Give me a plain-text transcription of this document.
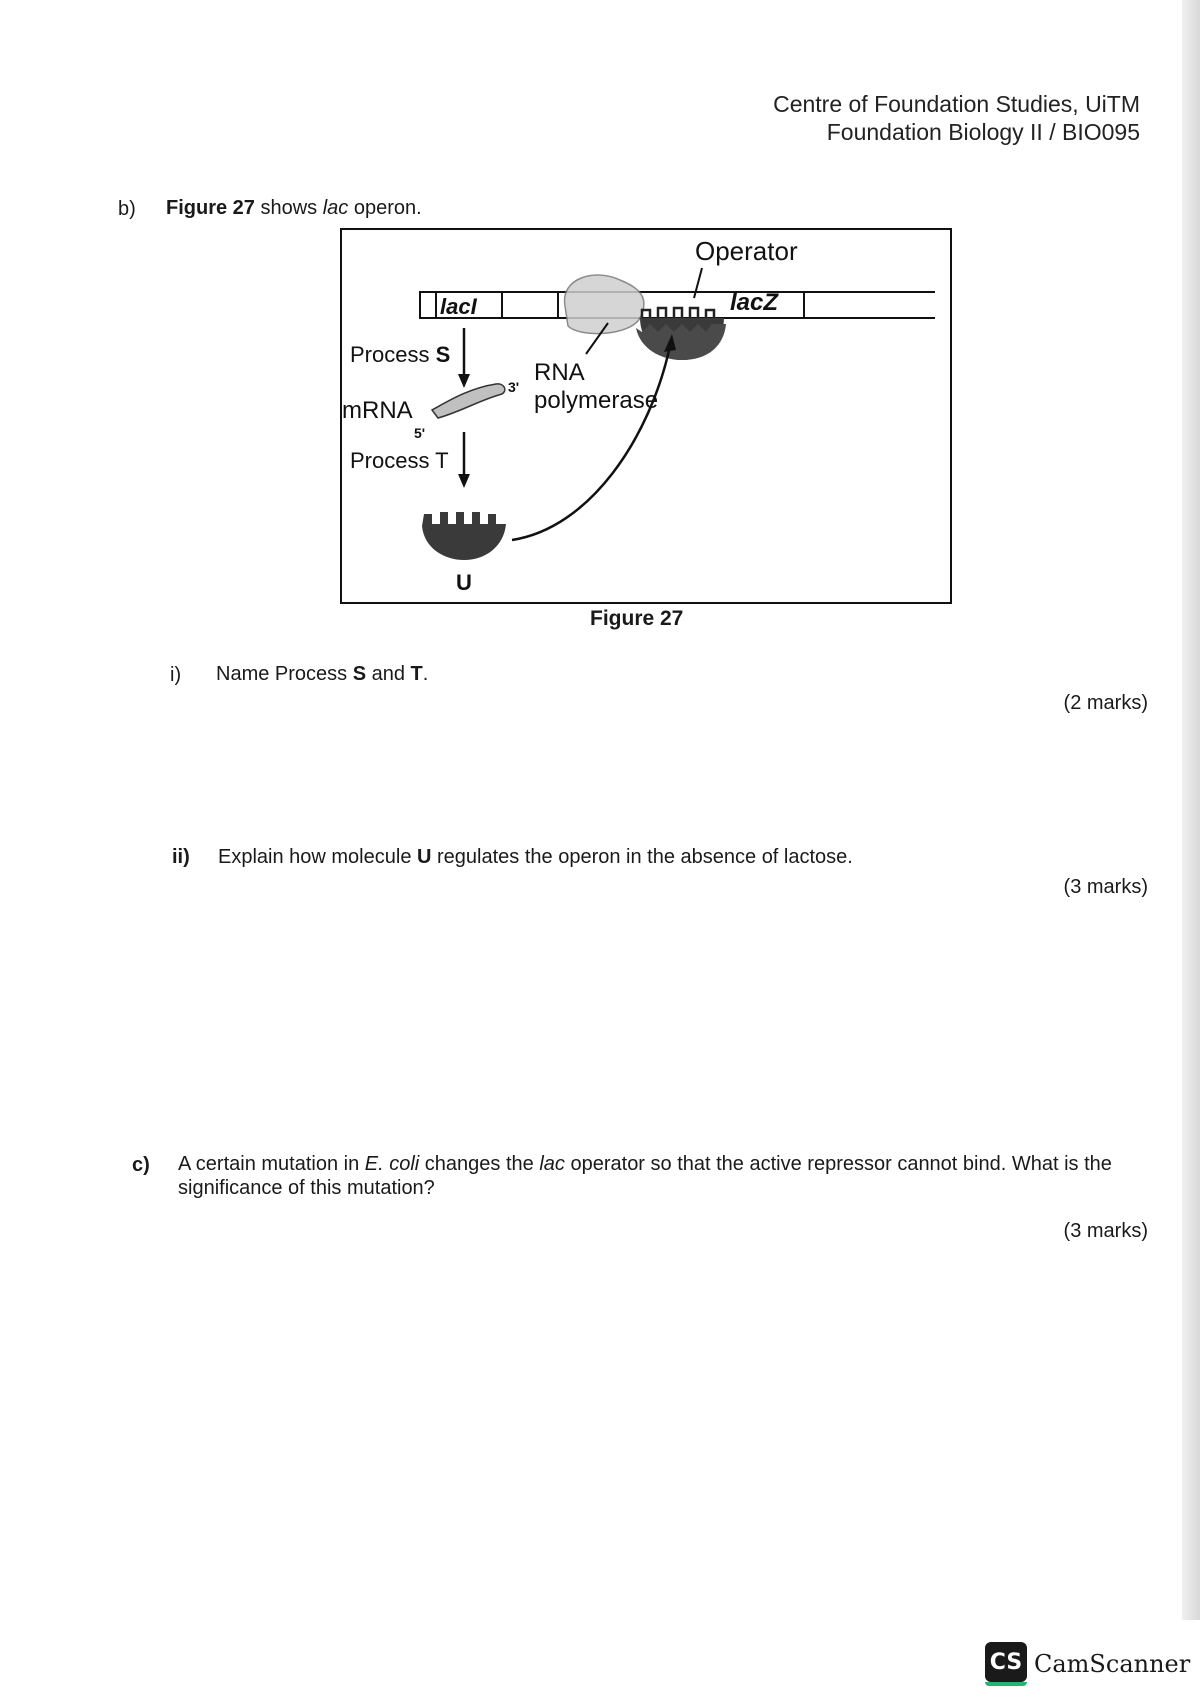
Centre of Foundation Studies, UiTM
Foundation Biology II / BIO095
b) Figure 27 shows lac operon.
Operator
lacI	lacZ
Process S
mRNA
3'
5'
RNA
polymerase
Process T
U
Figure 27
i) Name Process S and T.
(2 marks)
ii) Explain how molecule U regulates the operon in the absence of lactose.
(3 marks)
c) A certain mutation in E. coli changes the lac operator so that the active repressor cannot bind. What is the significance of this mutation?
(3 marks)
CS CamScanner
